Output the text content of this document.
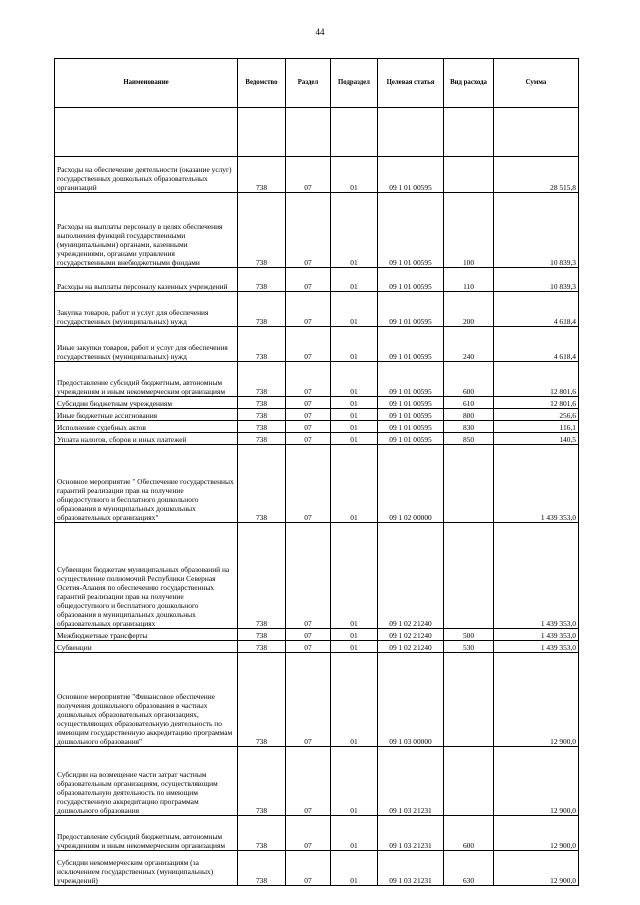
44
Наименование	Ведомство	Раздел	Подраздел	Целевая статья	Вид расхода	Сумма

Расходы на обеспечение деятельности (оказание услуг) государственных дошкольных образовательных организаций	738	07	01	09 1 01 00595		28 515,8
Расходы на выплаты персоналу в целях обеспечения выполнения функций государственными (муниципальными) органами, казенными учреждениями, органами управления государственными внебюджетными фондами	738	07	01	09 1 01 00595	100	10 839,3
Расходы на выплаты персоналу казенных учреждений	738	07	01	09 1 01 00595	110	10 839,3
Закупка товаров, работ и услуг для обеспечения государственных (муниципальных) нужд	738	07	01	09 1 01 00595	200	4 618,4
Иные закупки товаров, работ и услуг для обеспечения государственных (муниципальных) нужд	738	07	01	09 1 01 00595	240	4 618,4
Предоставление субсидий бюджетным, автономным учреждениям и иным некоммерческим организациям	738	07	01	09 1 01 00595	600	12 801,6
Субсидии бюджетным учреждениям	738	07	01	09 1 01 00595	610	12 801,6
Иные бюджетные ассигнования	738	07	01	09 1 01 00595	800	256,6
Исполнение судебных актов	738	07	01	09 1 01 00595	830	116,1
Уплата налогов, сборов и иных платежей	738	07	01	09 1 01 00595	850	140,5
Основное мероприятие " Обеспечение государственных гарантий реализации прав на получение общедоступного и бесплатного дошкольного образования в муниципальных дошкольных образовательных организациях"	738	07	01	09 1 02 00000		1 439 353,0
Субвенции бюджетам муниципальных образований на осуществление полномочий Республики Северная Осетия-Алания по обеспечению государственных гарантий реализации прав на получение общедоступного и бесплатного дошкольного образования в муниципальных дошкольных образовательных организациях	738	07	01	09 1 02 21240		1 439 353,0
Межбюджетные трансферты	738	07	01	09 1 02 21240	500	1 439 353,0
Субвенции	738	07	01	09 1 02 21240	530	1 439 353,0
Основное мероприятие "Финансовое обеспечение получения дошкольного образования в частных дошкольных образовательных организациях, осуществляющих образовательную деятельность по имеющим государственную аккредитацию программам дошкольного образования"	738	07	01	09 1 03 00000		12 900,0
Субсидии на возмещение части затрат частным образовательным организациям, осуществляющим образовательную деятельность по имеющим государственную аккредитацию программам дошкольного образования	738	07	01	09 1 03 21231		12 900,0
Предоставление субсидий бюджетным, автономным учреждениям и иным некоммерческим организациям	738	07	01	09 1 03 21231	600	12 900,0
Субсидии некоммерческим организациям (за исключением государственных (муниципальных) учреждений)	738	07	01	09 1 03 21231	630	12 900,0
